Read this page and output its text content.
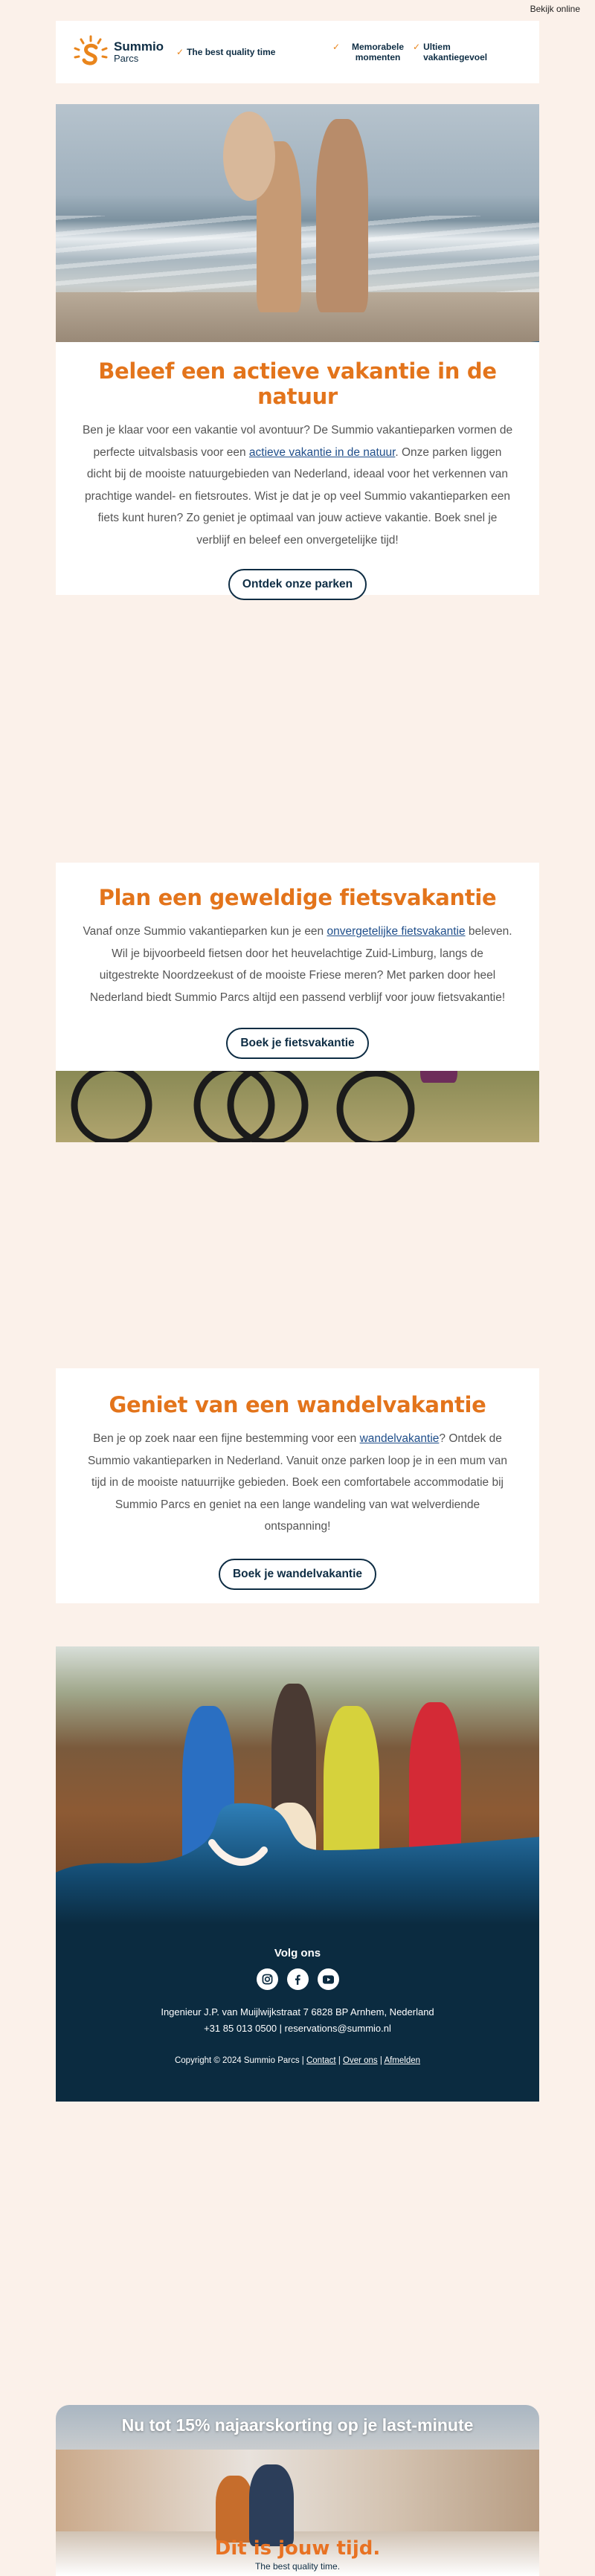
Bekijk online
Summio
Parcs
✓ The best quality time	✓	Memorabele momenten
✓ Ultiem vakantiegevoel
Beleef een actieve vakantie in de natuur

Ben je klaar voor een vakantie vol avontuur? De Summio vakantieparken vormen de perfecte uitvalsbasis voor een actieve vakantie in de natuur. Onze parken liggen dicht bij de mooiste natuurgebieden van Nederland, ideaal voor het verkennen van prachtige wandel- en fietsroutes. Wist je dat je op veel Summio vakantieparken een fiets kunt huren? Zo geniet je optimaal van jouw actieve vakantie. Boek snel je verblijf en beleef een onvergetelijke tijd!

Ontdek onze parken
Plan een geweldige fietsvakantie

Vanaf onze Summio vakantieparken kun je een onvergetelijke fietsvakantie beleven. Wil je bijvoorbeeld fietsen door het heuvelachtige Zuid-Limburg, langs de uitgestrekte Noordzeekust of de mooiste Friese meren? Met parken door heel Nederland biedt Summio Parcs altijd een passend verblijf voor jouw fietsvakantie!

Boek je fietsvakantie
Geniet van een wandelvakantie

Ben je op zoek naar een fijne bestemming voor een wandelvakantie? Ontdek de Summio vakantieparken in Nederland. Vanuit onze parken loop je in een mum van tijd in de mooiste natuurrijke gebieden. Boek een comfortabele accommodatie bij Summio Parcs en geniet na een lange wandeling van wat welverdiende ontspanning!

Boek je wandelvakantie
Nu tot 15% najaarskorting op je last-minute
Dit is jouw tijd.
The best quality time.
Volg ons
Ingenieur J.P. van Muijlwijkstraat 7 6828 BP Arnhem, Nederland
+31 85 013 0500 | reservations@summio.nl
Copyright © 2024 Summio Parcs | Contact | Over ons | Afmelden
